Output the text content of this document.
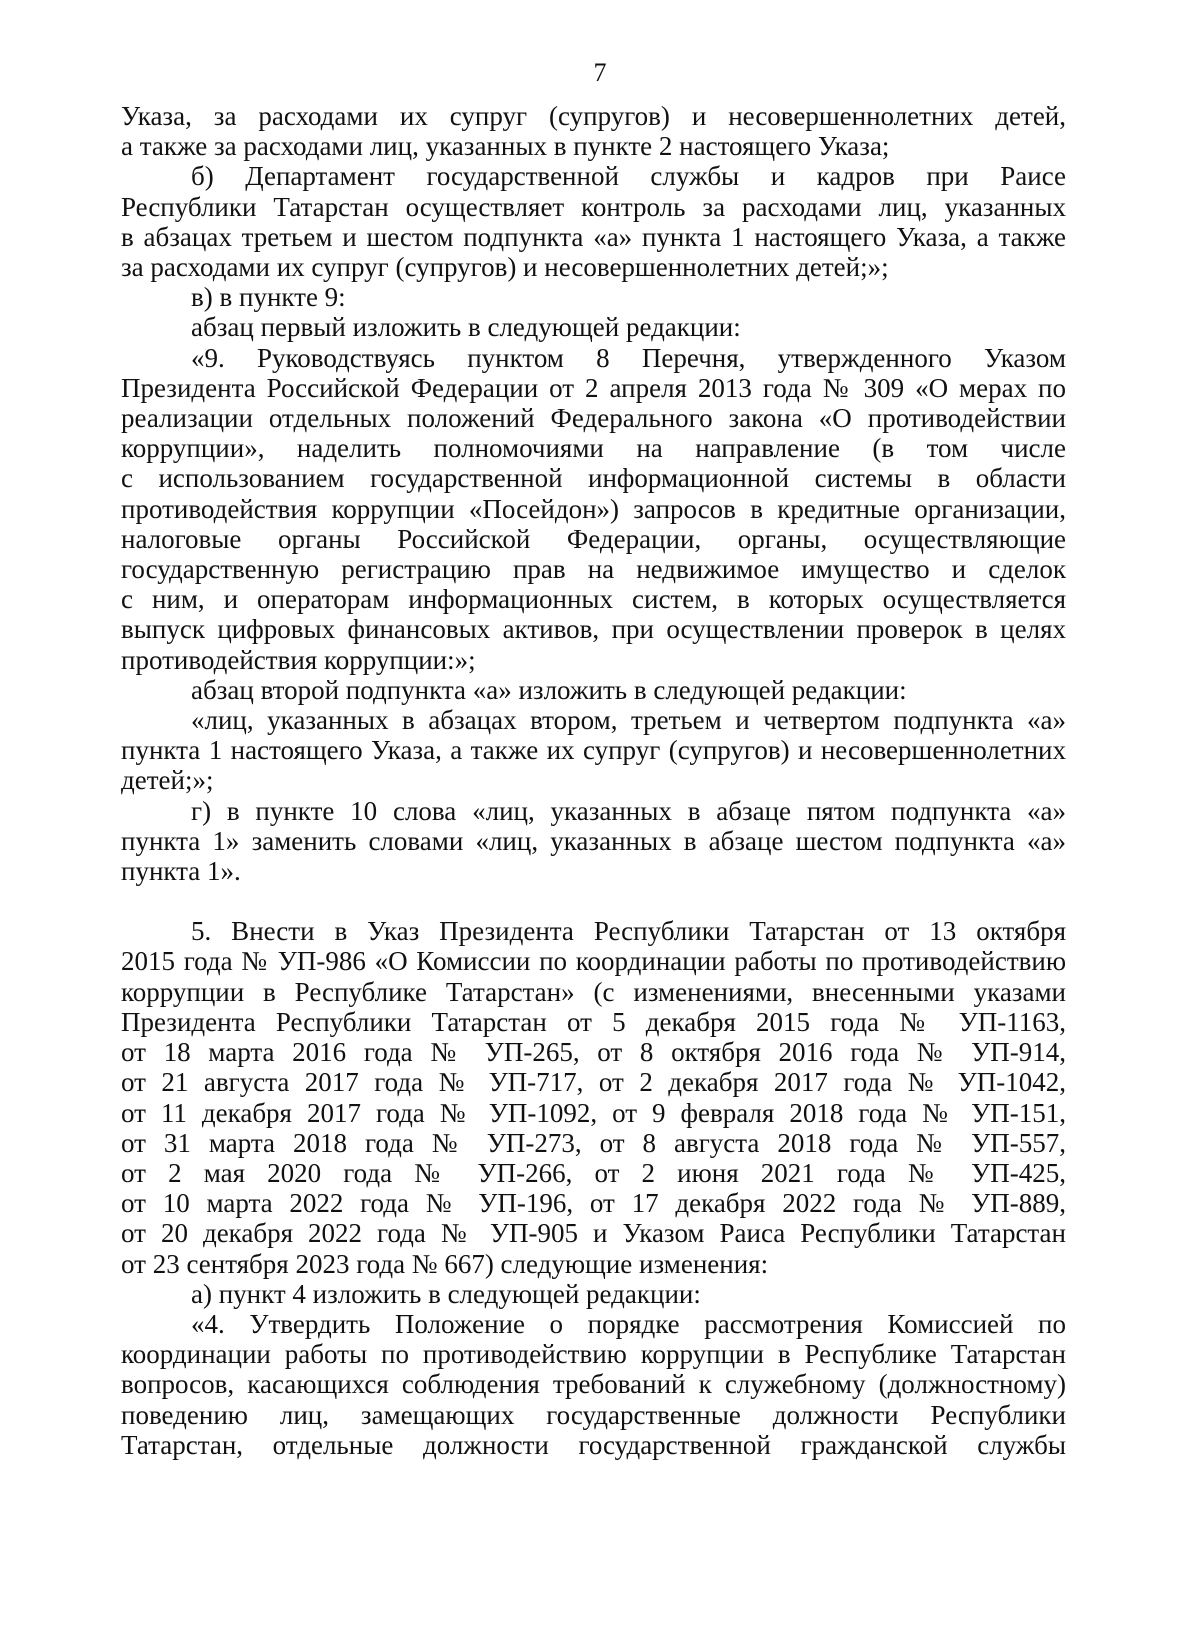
7
Указа, за расходами их супруг (супругов) и несовершеннолетних детей,
а также за расходами лиц, указанных в пункте 2 настоящего Указа;
б) Департамент государственной службы и кадров при Раисе
Республики Татарстан осуществляет контроль за расходами лиц, указанных
в абзацах третьем и шестом подпункта «а» пункта 1 настоящего Указа, а также
за расходами их супруг (супругов) и несовершеннолетних детей;»;
в) в пункте 9:
абзац первый изложить в следующей редакции:
«9. Руководствуясь пунктом 8 Перечня, утвержденного Указом
Президента Российской Федерации от 2 апреля 2013 года № 309 «О мерах по
реализации отдельных положений Федерального закона «О противодействии
коррупции», наделить полномочиями на направление (в том числе
с использованием государственной информационной системы в области
противодействия коррупции «Посейдон») запросов в кредитные организации,
налоговые органы Российской Федерации, органы, осуществляющие
государственную регистрацию прав на недвижимое имущество и сделок
с ним, и операторам информационных систем, в которых осуществляется
выпуск цифровых финансовых активов, при осуществлении проверок в целях
противодействия коррупции:»;
абзац второй подпункта «а» изложить в следующей редакции:
«лиц, указанных в абзацах втором, третьем и четвертом подпункта «а»
пункта 1 настоящего Указа, а также их супруг (супругов) и несовершеннолетних
детей;»;
г) в пункте 10 слова «лиц, указанных в абзаце пятом подпункта «а»
пункта 1» заменить словами «лиц, указанных в абзаце шестом подпункта «а»
пункта 1».
5. Внести в Указ Президента Республики Татарстан от 13 октября
2015 года № УП-986 «О Комиссии по координации работы по противодействию
коррупции в Республике Татарстан» (с изменениями, внесенными указами
Президента Республики Татарстан от 5 декабря 2015 года № УП-1163,
от 18 марта 2016 года № УП-265, от 8 октября 2016 года № УП-914,
от 21 августа 2017 года № УП-717, от 2 декабря 2017 года № УП-1042,
от 11 декабря 2017 года № УП-1092, от 9 февраля 2018 года № УП-151,
от 31 марта 2018 года № УП-273, от 8 августа 2018 года № УП-557,
от 2 мая 2020 года № УП-266, от 2 июня 2021 года № УП-425,
от 10 марта 2022 года № УП-196, от 17 декабря 2022 года № УП-889,
от 20 декабря 2022 года № УП-905 и Указом Раиса Республики Татарстан
от 23 сентября 2023 года № 667) следующие изменения:
а) пункт 4 изложить в следующей редакции:
«4. Утвердить Положение о порядке рассмотрения Комиссией по
координации работы по противодействию коррупции в Республике Татарстан
вопросов, касающихся соблюдения требований к служебному (должностному)
поведению лиц, замещающих государственные должности Республики
Татарстан, отдельные должности государственной гражданской службы
